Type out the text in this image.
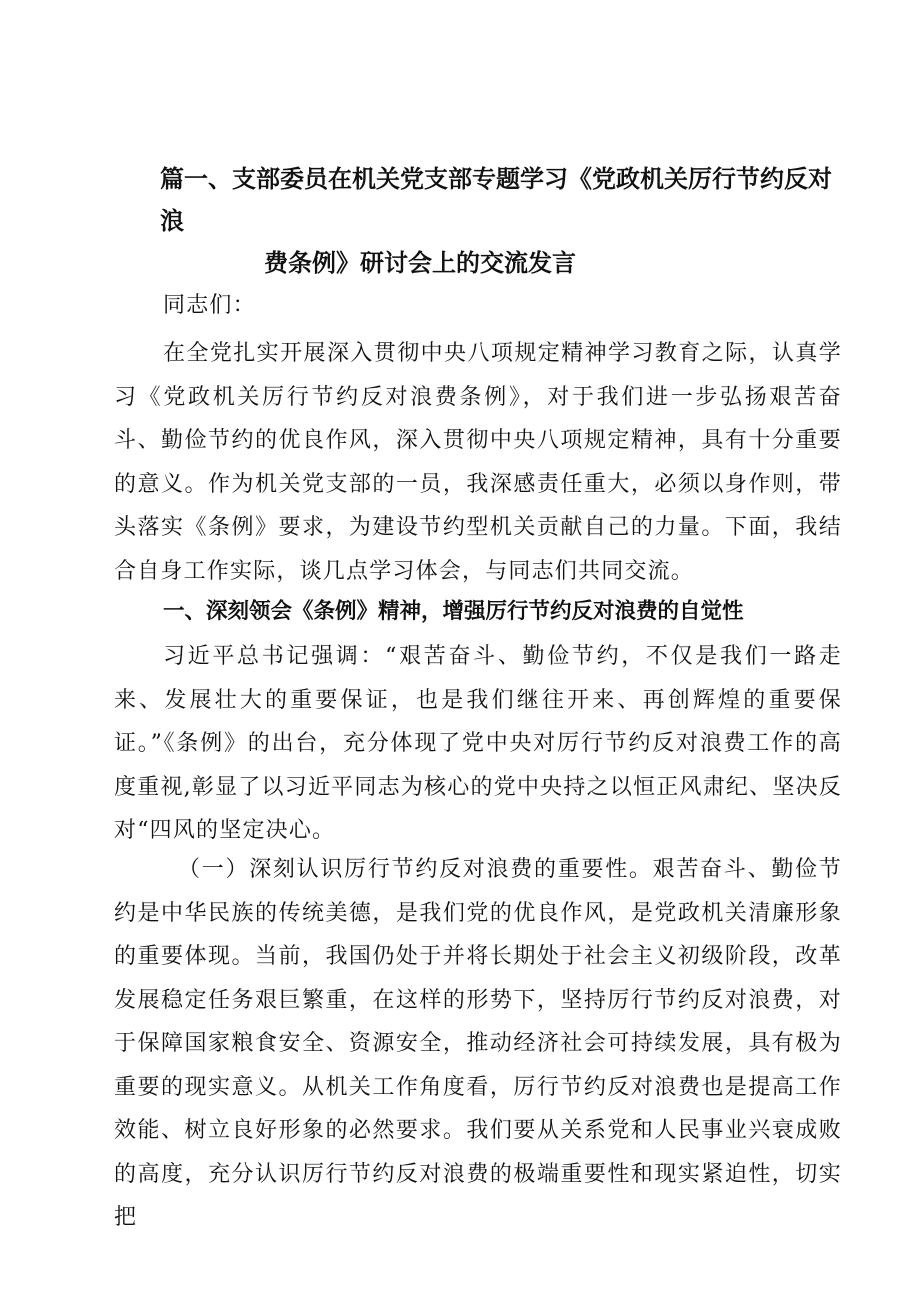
篇一、支部委员在机关党支部专题学习《党政机关厉行节约反对浪
费条例》研讨会上的交流发言
同志们：
在全党扎实开展深入贯彻中央八项规定精神学习教育之际，认真学习《党政机关厉行节约反对浪费条例》，对于我们进一步弘扬艰苦奋斗、勤俭节约的优良作风，深入贯彻中央八项规定精神，具有十分重要的意义。作为机关党支部的一员，我深感责任重大，必须以身作则，带头落实《条例》要求，为建设节约型机关贡献自己的力量。下面，我结合自身工作实际，谈几点学习体会，与同志们共同交流。
一、深刻领会《条例》精神，增强厉行节约反对浪费的自觉性
习近平总书记强调：“艰苦奋斗、勤俭节约，不仅是我们一路走来、发展壮大的重要保证，也是我们继往开来、再创辉煌的重要保证。”《条例》的出台，充分体现了党中央对厉行节约反对浪费工作的高度重视,彰显了以习近平同志为核心的党中央持之以恒正风肃纪、坚决反对“四风的坚定决心。
（一）深刻认识厉行节约反对浪费的重要性。艰苦奋斗、勤俭节约是中华民族的传统美德，是我们党的优良作风，是党政机关清廉形象的重要体现。当前，我国仍处于并将长期处于社会主义初级阶段，改革发展稳定任务艰巨繁重，在这样的形势下，坚持厉行节约反对浪费，对于保障国家粮食安全、资源安全，推动经济社会可持续发展，具有极为重要的现实意义。从机关工作角度看，厉行节约反对浪费也是提高工作效能、树立良好形象的必然要求。我们要从关系党和人民事业兴衰成败的高度，充分认识厉行节约反对浪费的极端重要性和现实紧迫性，切实把
